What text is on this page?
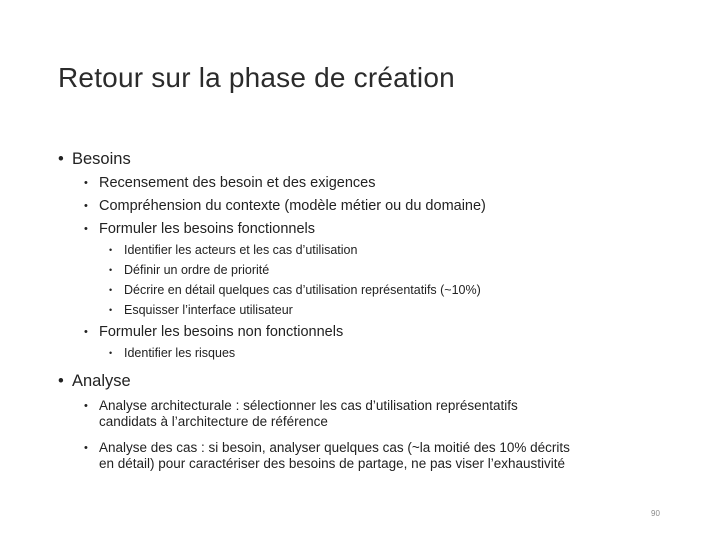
Retour sur la phase de création
• Besoins
• Recensement des besoin et des exigences
• Compréhension du contexte (modèle métier ou du domaine)
• Formuler les besoins fonctionnels
• Identifier les acteurs et les cas d’utilisation
• Définir un ordre de priorité
• Décrire en détail quelques cas d’utilisation représentatifs (~10%)
• Esquisser l’interface utilisateur
• Formuler les besoins non fonctionnels
• Identifier les risques
• Analyse
• Analyse architecturale : sélectionner les cas d’utilisation représentatifs
candidats à l’architecture de référence
• Analyse des cas : si besoin, analyser quelques cas (~la moitié des 10% décrits
en détail) pour caractériser des besoins de partage, ne pas viser l’exhaustivité
90
